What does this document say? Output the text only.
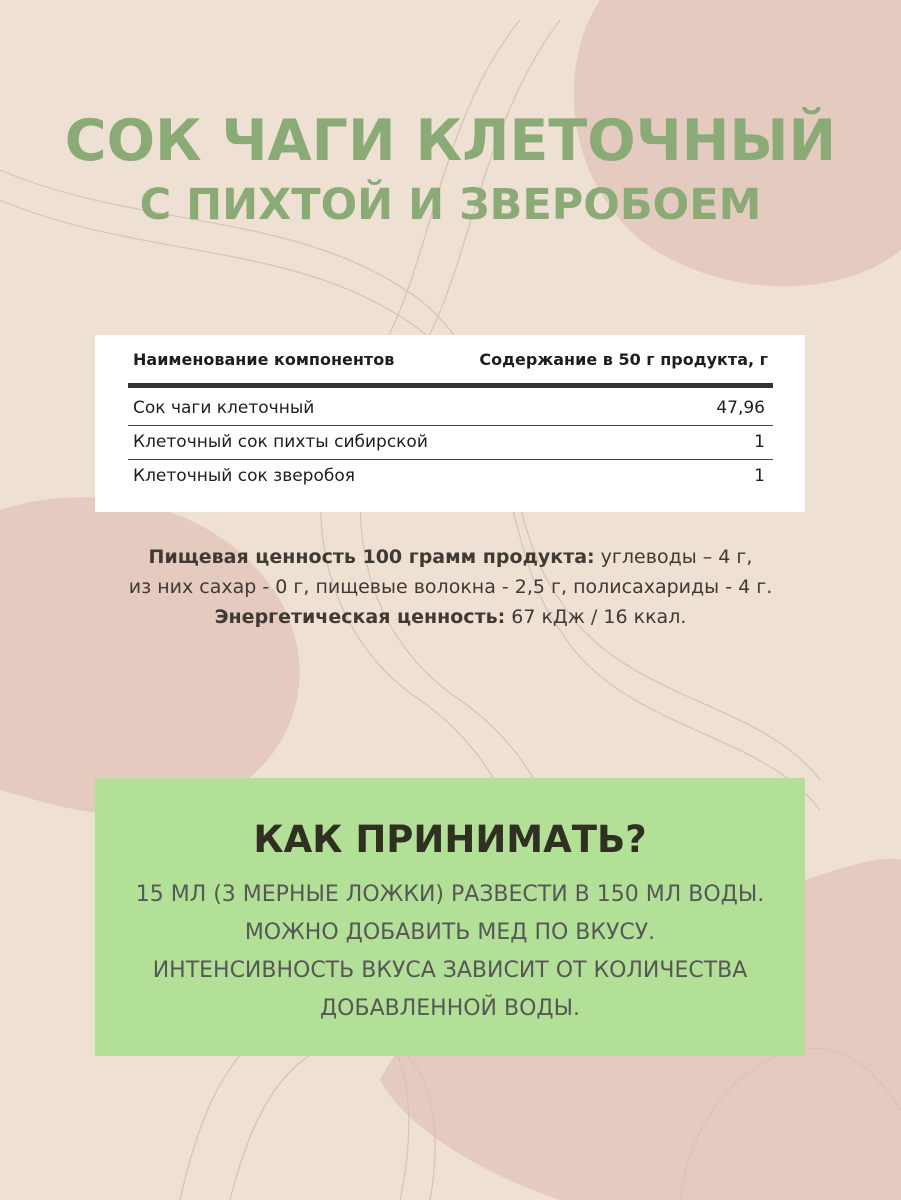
СОК ЧАГИ КЛЕТОЧНЫЙ
С ПИХТОЙ И ЗВЕРОБОЕМ
Наименование компонентов	Содержание в 50 г продукта, г
Сок чаги клеточный	47,96
Клеточный сок пихты сибирской	1
Клеточный сок зверобоя	1
Пищевая ценность 100 грамм продукта: углеводы – 4 г,
из них сахар - 0 г, пищевые волокна - 2,5 г, полисахариды - 4 г.
Энергетическая ценность: 67 кДж / 16 ккал.
КАК ПРИНИМАТЬ?
15 МЛ (3 МЕРНЫЕ ЛОЖКИ) РАЗВЕСТИ В 150 МЛ ВОДЫ.
МОЖНО ДОБАВИТЬ МЕД ПО ВКУСУ.
ИНТЕНСИВНОСТЬ ВКУСА ЗАВИСИТ ОТ КОЛИЧЕСТВА
ДОБАВЛЕННОЙ ВОДЫ.
